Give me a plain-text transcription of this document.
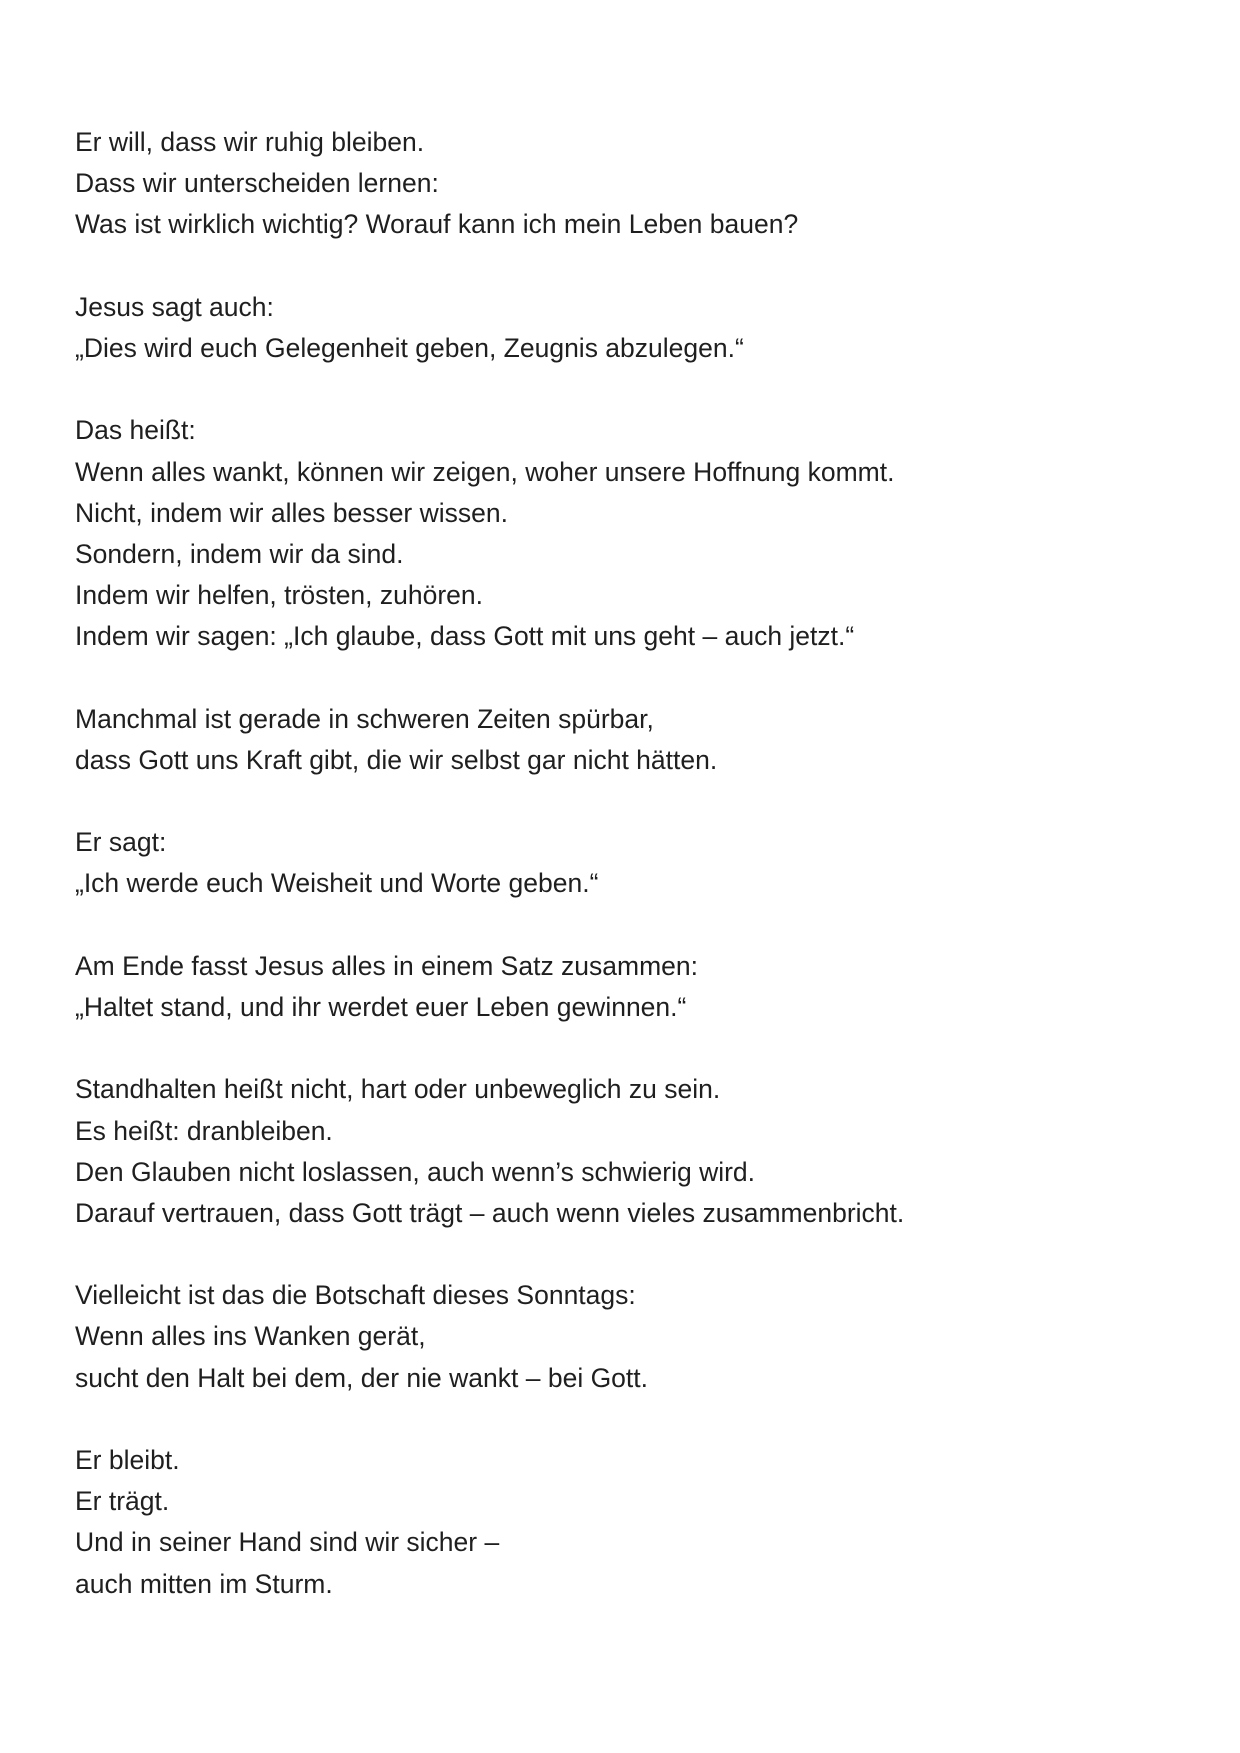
Er will, dass wir ruhig bleiben.
Dass wir unterscheiden lernen:
Was ist wirklich wichtig? Worauf kann ich mein Leben bauen?
Jesus sagt auch:
„Dies wird euch Gelegenheit geben, Zeugnis abzulegen.“
Das heißt:
Wenn alles wankt, können wir zeigen, woher unsere Hoffnung kommt.
Nicht, indem wir alles besser wissen.
Sondern, indem wir da sind.
Indem wir helfen, trösten, zuhören.
Indem wir sagen: „Ich glaube, dass Gott mit uns geht – auch jetzt.“
Manchmal ist gerade in schweren Zeiten spürbar,
dass Gott uns Kraft gibt, die wir selbst gar nicht hätten.
Er sagt:
„Ich werde euch Weisheit und Worte geben.“
Am Ende fasst Jesus alles in einem Satz zusammen:
„Haltet stand, und ihr werdet euer Leben gewinnen.“
Standhalten heißt nicht, hart oder unbeweglich zu sein.
Es heißt: dranbleiben.
Den Glauben nicht loslassen, auch wenn’s schwierig wird.
Darauf vertrauen, dass Gott trägt – auch wenn vieles zusammenbricht.
Vielleicht ist das die Botschaft dieses Sonntags:
Wenn alles ins Wanken gerät,
sucht den Halt bei dem, der nie wankt – bei Gott.
Er bleibt.
Er trägt.
Und in seiner Hand sind wir sicher –
auch mitten im Sturm.
